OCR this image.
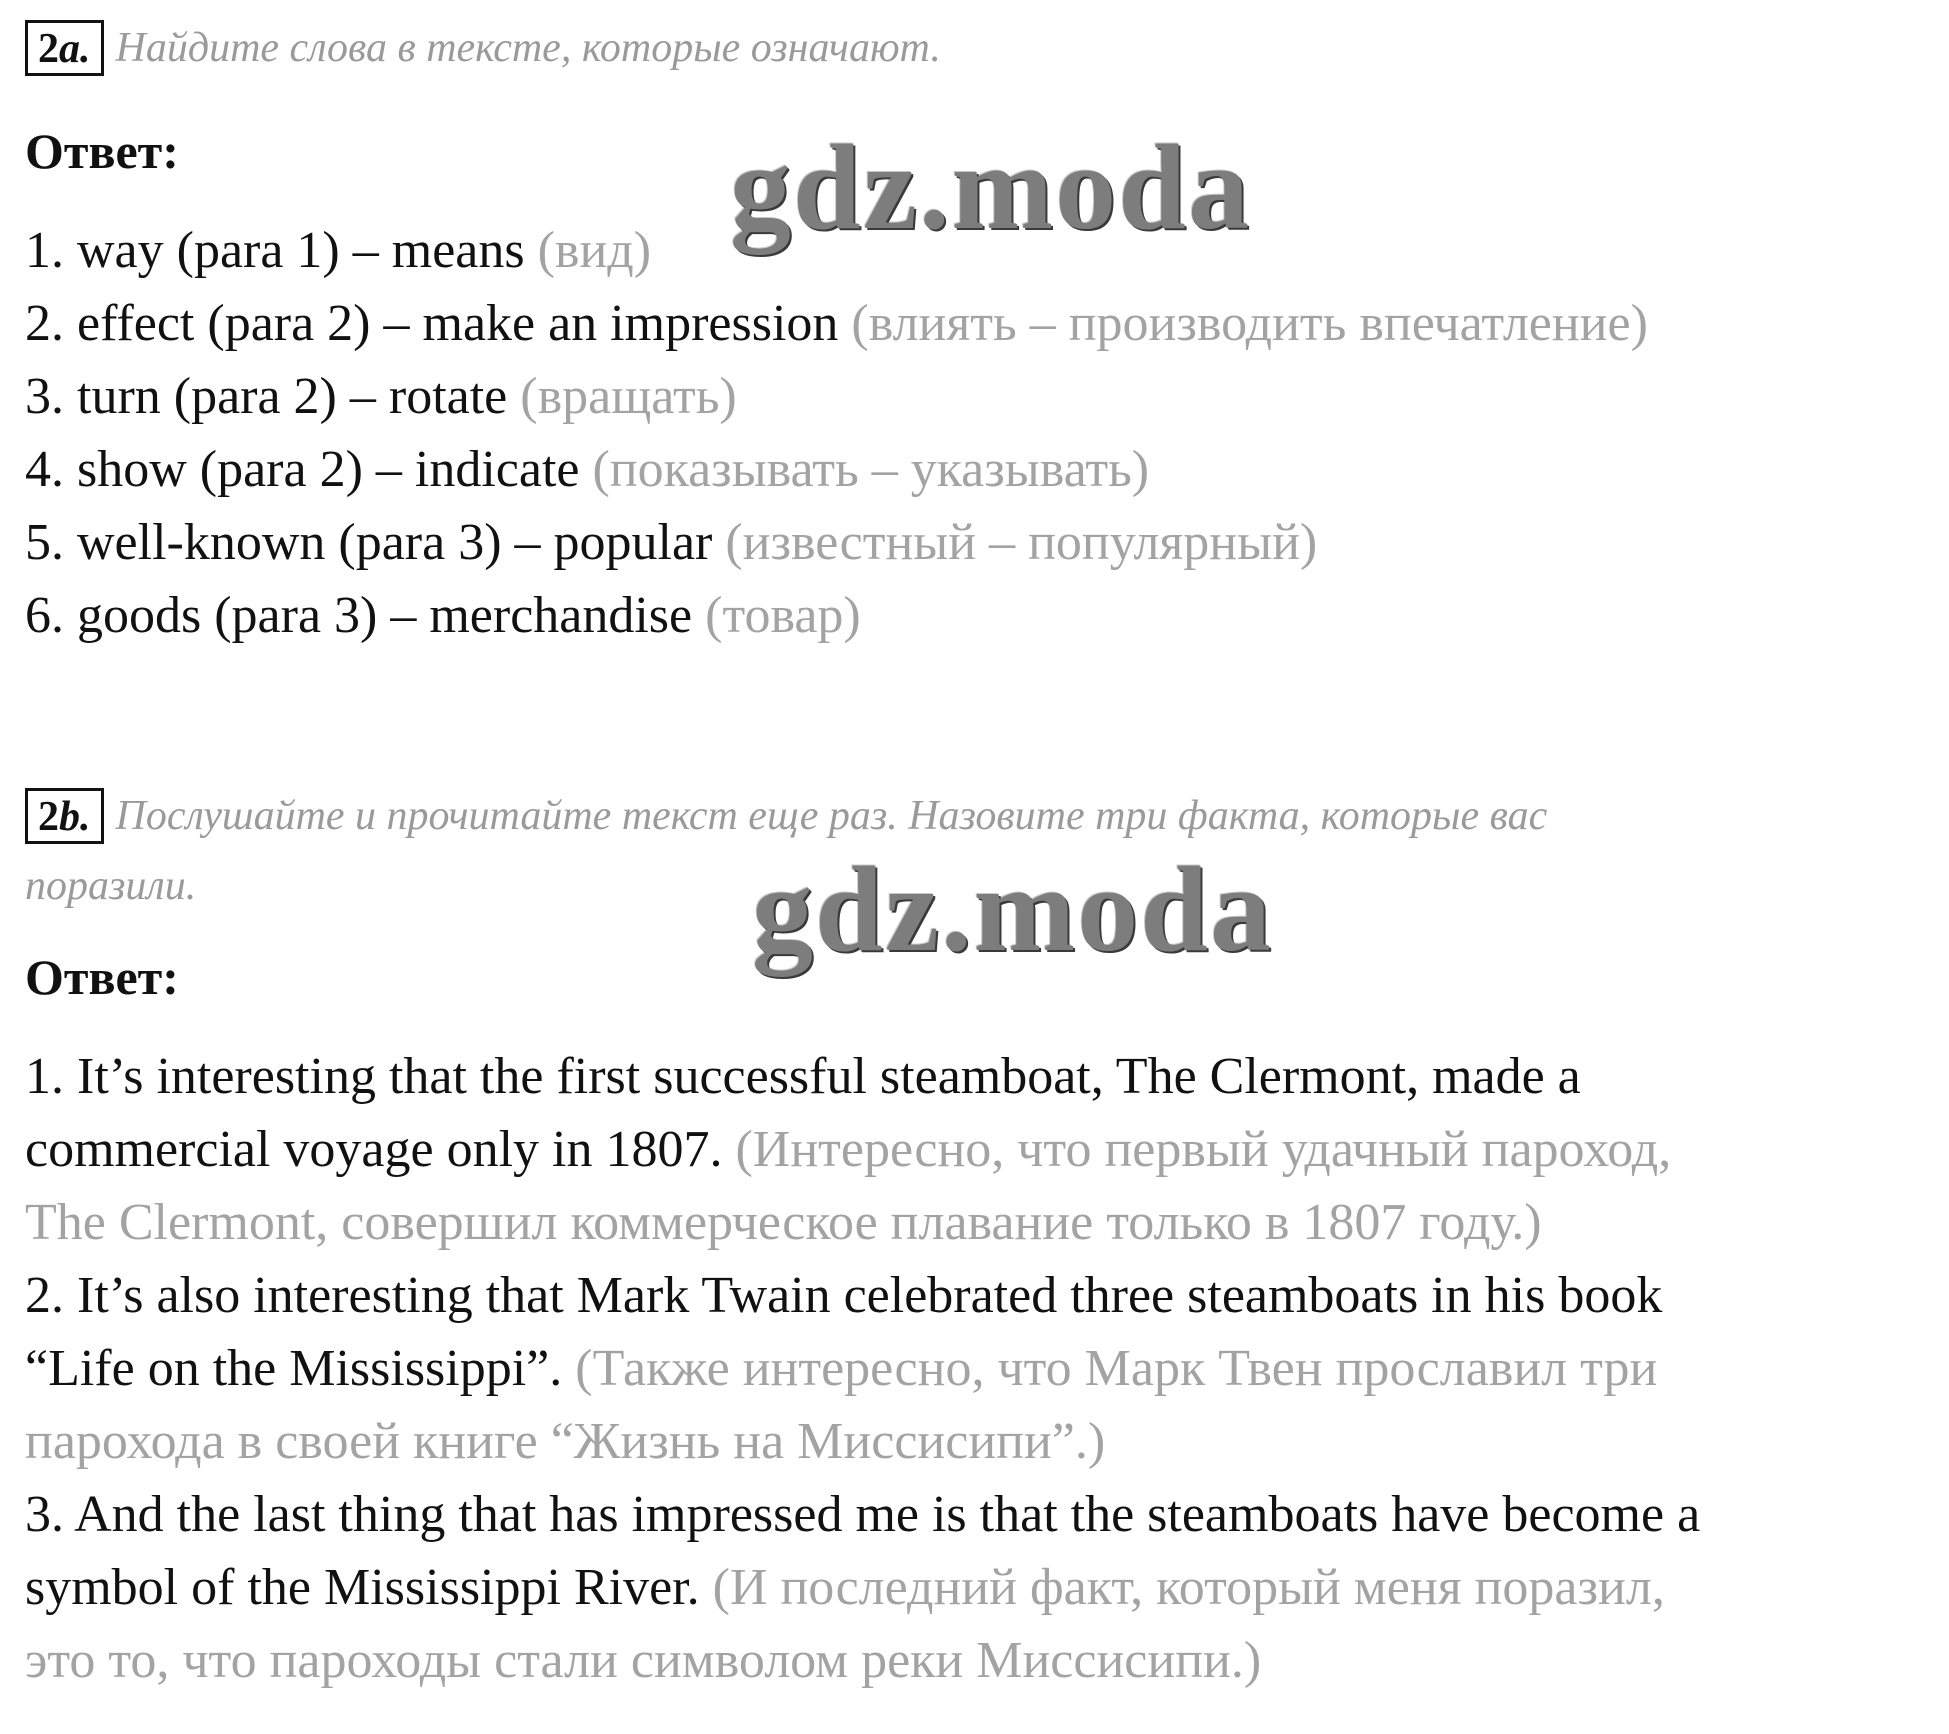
2a. Найдите слова в тексте, которые означают.
Ответ:	gdz.moda
1. way (para 1) – means (вид)
2. effect (para 2) – make an impression (влиять – производить впечатление)
3. turn (para 2) – rotate (вращать)
4. show (para 2) – indicate (показывать – указывать)
5. well-known (para 3) – popular (известный – популярный)
6. goods (para 3) – merchandise (товар)
2b. Послушайте и прочитайте текст еще раз. Назовите три факта, которые вас
поразили.	gdz.moda
Ответ:
1. It’s interesting that the first successful steamboat, The Clermont, made a
commercial voyage only in 1807. (Интересно, что первый удачный пароход,
The Clermont, совершил коммерческое плавание только в 1807 году.)
2. It’s also interesting that Mark Twain celebrated three steamboats in his book
“Life on the Mississippi”. (Также интересно, что Марк Твен прославил три
парохода в своей книге “Жизнь на Миссисипи”.)
3. And the last thing that has impressed me is that the steamboats have become a
symbol of the Mississippi River. (И последний факт, который меня поразил,
это то, что пароходы стали символом реки Миссисипи.)
